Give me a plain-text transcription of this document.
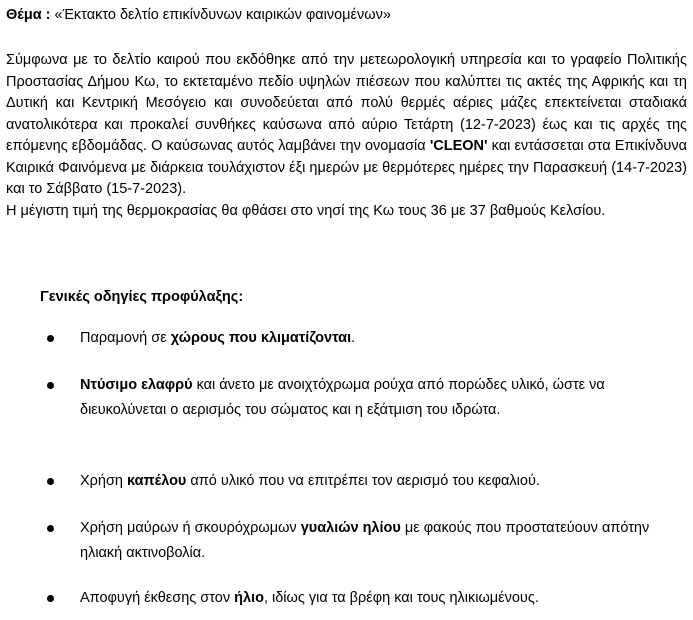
Θέμα : «Έκτακτο δελτίο επικίνδυνων καιρικών φαινομένων»

Σύμφωνα με το δελτίο καιρού που εκδόθηκε από την μετεωρολογική υπηρεσία και το γραφείο Πολιτικής Προστασίας Δήμου Κω, το εκτεταμένο πεδίο υψηλών πιέσεων που καλύπτει τις ακτές της Αφρικής και τη Δυτική και Κεντρική Μεσόγειο και συνοδεύεται από πολύ θερμές αέριες μάζες επεκτείνεται σταδιακά ανατολικότερα και προκαλεί συνθήκες καύσωνα από αύριο Τετάρτη (12-7-2023) έως και τις αρχές της επόμενης εβδομάδας. Ο καύσωνας αυτός λαμβάνει την ονομασία 'CLEON' και εντάσσεται στα Επικίνδυνα Καιρικά Φαινόμενα με διάρκεια τουλάχιστον έξι ημερών με θερμότερες ημέρες την Παρασκευή (14-7-2023) και το Σάββατο (15-7-2023).

Η μέγιστη τιμή της θερμοκρασίας θα φθάσει στο νησί της Κω τους 36 με 37 βαθμούς Κελσίου.

Γενικές οδηγίες προφύλαξης:
Παραμονή σε χώρους που κλιματίζονται.
Ντύσιμο ελαφρύ και άνετο με ανοιχτόχρωμα ρούχα από πορώδες υλικό, ώστε να διευκολύνεται ο αερισμός του σώματος και η εξάτμιση του ιδρώτα.
Χρήση καπέλου από υλικό που να επιτρέπει τον αερισμό του κεφαλιού.
Χρήση μαύρων ή σκουρόχρωμων γυαλιών ηλίου με φακούς που προστατεύουν απότην ηλιακή ακτινοβολία.
Αποφυγή έκθεσης στον ήλιο, ιδίως για τα βρέφη και τους ηλικιωμένους.
